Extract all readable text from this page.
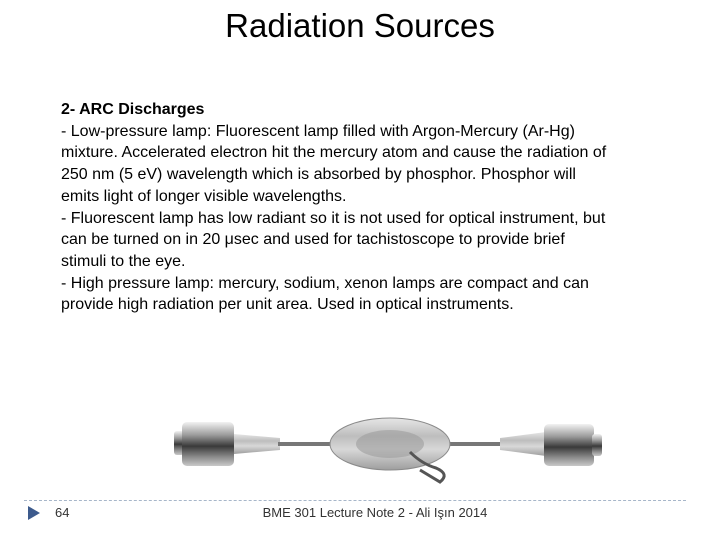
Radiation Sources
2- ARC Discharges
- Low-pressure lamp: Fluorescent lamp filled with Argon-Mercury (Ar-Hg)
mixture. Accelerated electron hit the mercury atom and cause the radiation of
250 nm (5 eV) wavelength which is absorbed by phosphor. Phosphor will
emits light of longer visible wavelengths.
- Fluorescent lamp has low radiant so it is not used for optical instrument, but
can be turned on in 20 μsec and used for tachistoscope to provide brief
stimuli to the eye.
- High pressure lamp: mercury, sodium, xenon lamps are compact and can
provide high radiation per unit area. Used in optical instruments.
64	BME 301 Lecture Note 2 - Ali Işın 2014
